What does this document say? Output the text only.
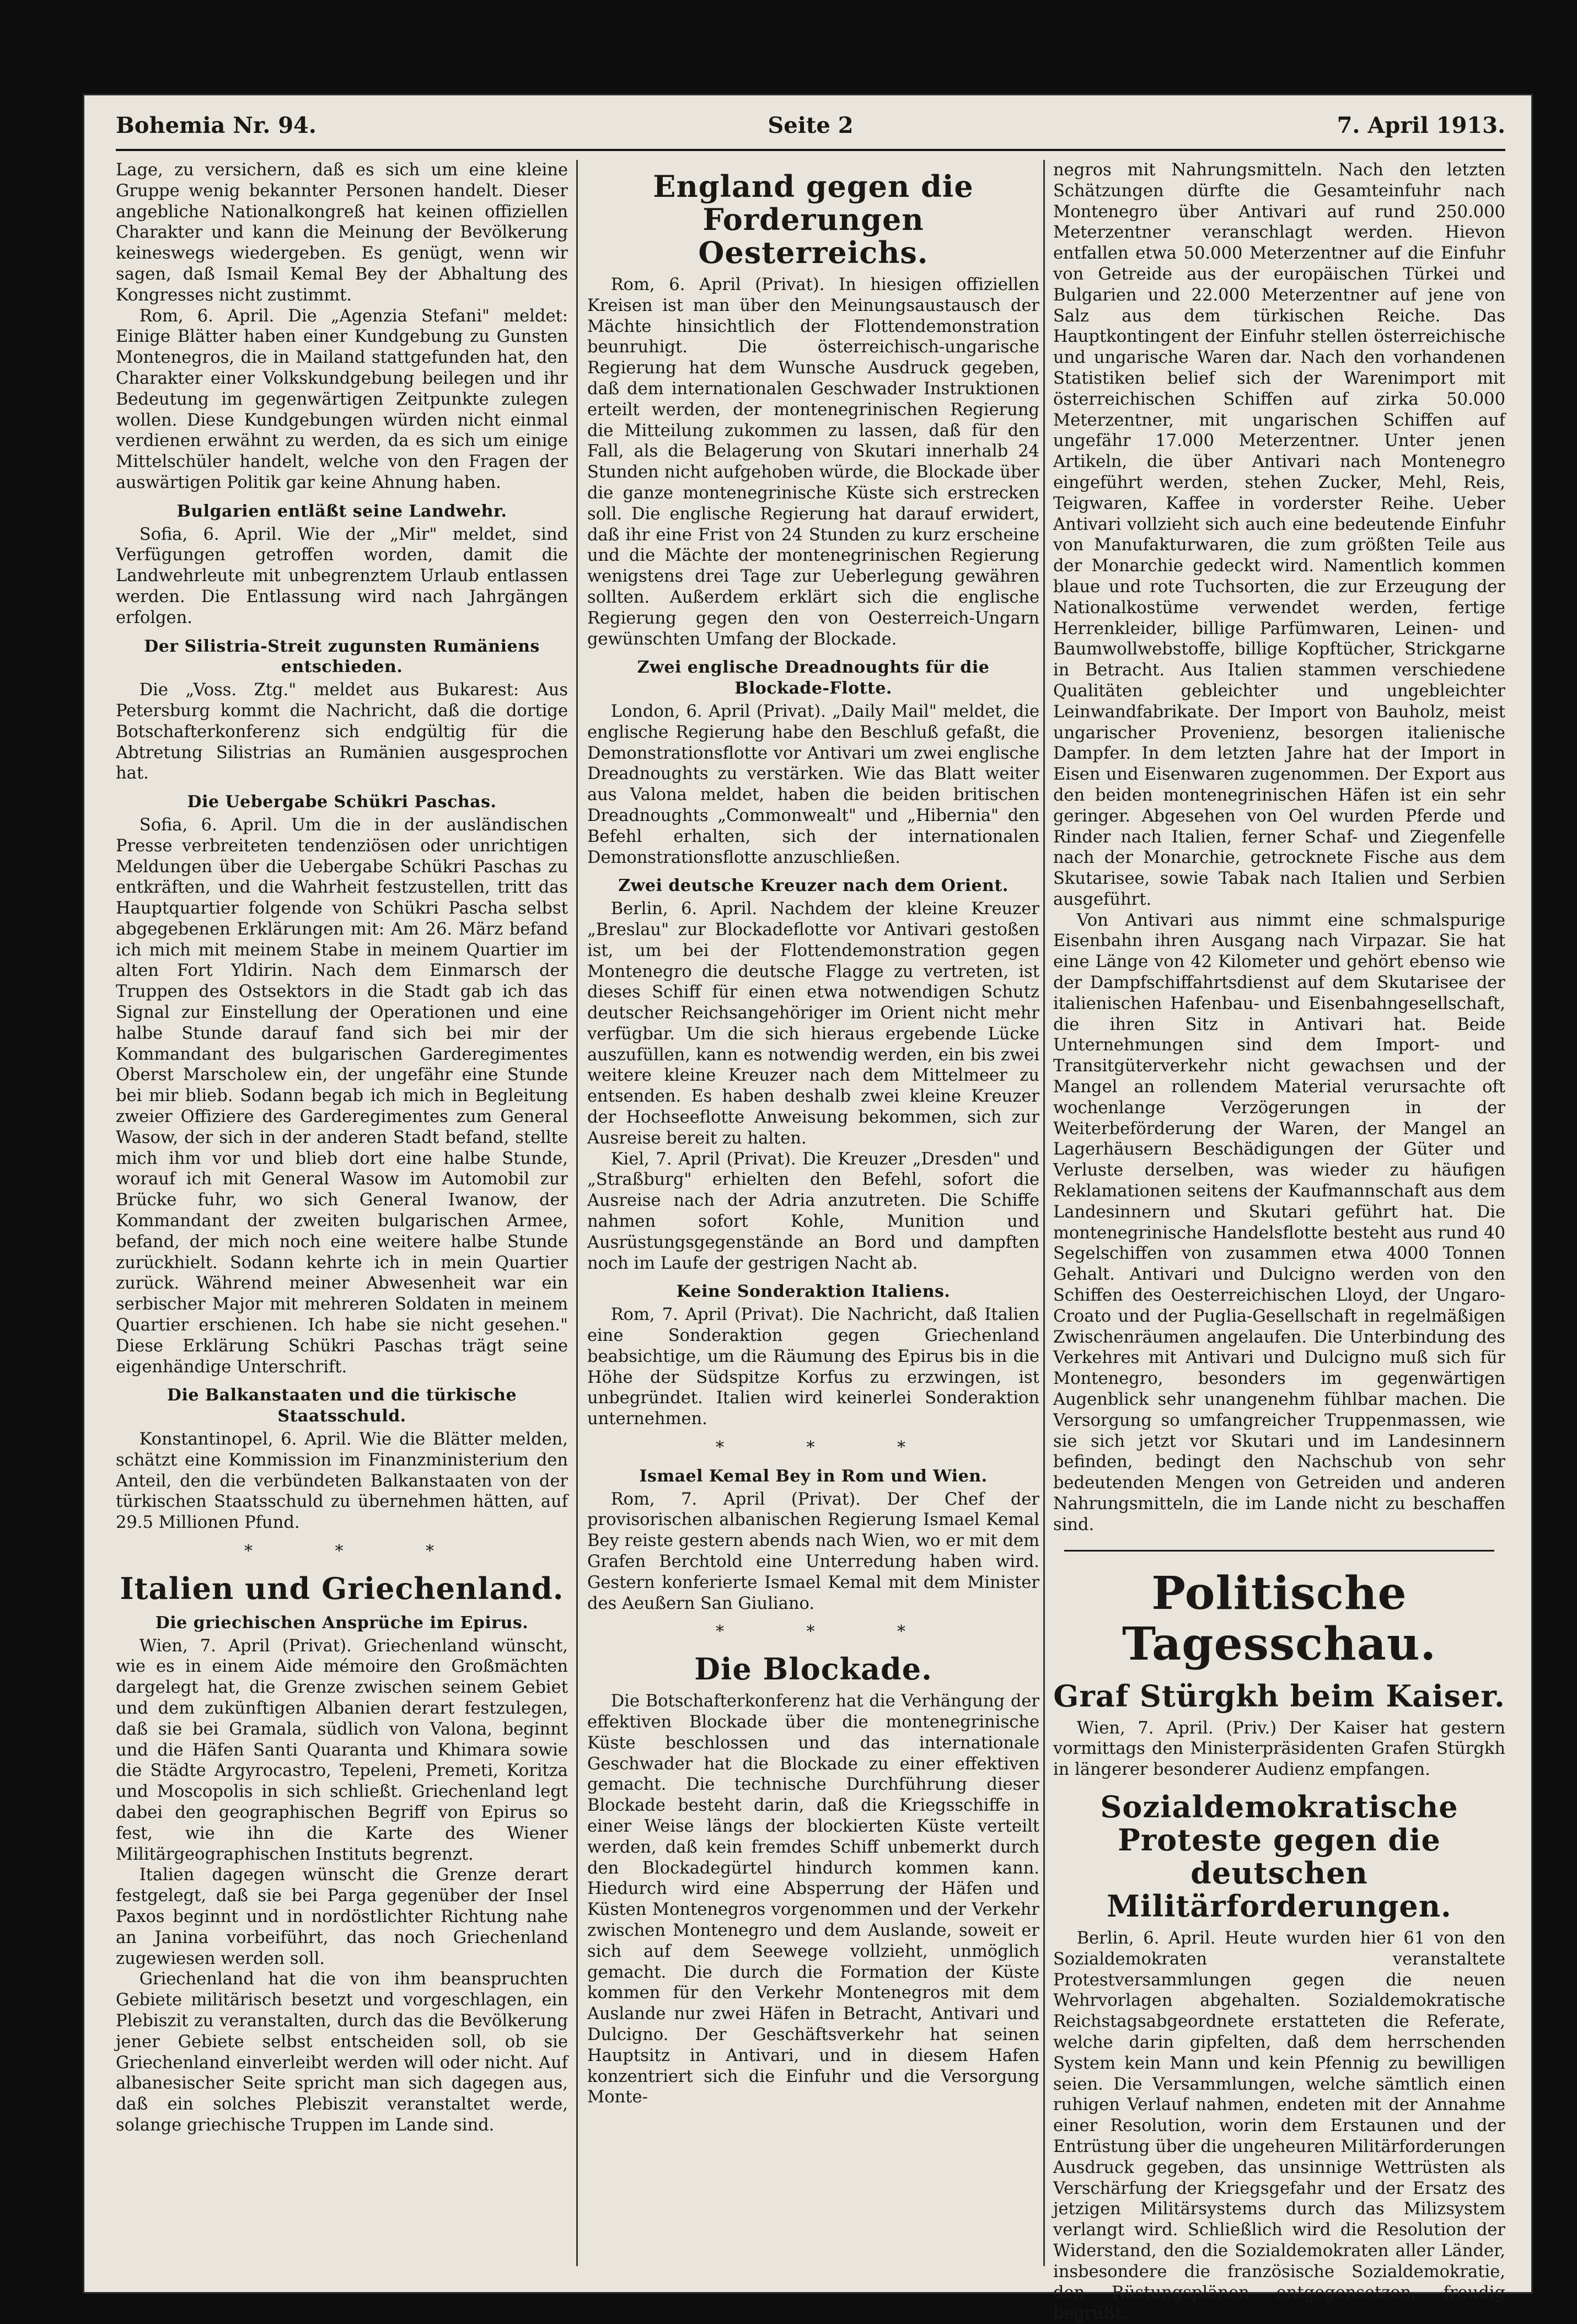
Bohemia Nr. 94.	Seite 2	7. April 1913.

Lage, zu versichern, daß es sich um eine kleine Gruppe wenig bekannter Personen handelt. Dieser angebliche Nationalkongreß hat keinen offiziellen Charakter und kann die Meinung der Bevölkerung keineswegs wiedergeben. Es genügt, wenn wir sagen, daß Ismail Kemal Bey der Abhaltung des Kongresses nicht zustimmt.

Rom, 6. April. Die „Agenzia Stefani" meldet: Einige Blätter haben einer Kundgebung zu Gunsten Montenegros, die in Mailand stattgefunden hat, den Charakter einer Volkskundgebung beilegen und ihr Bedeutung im gegenwärtigen Zeitpunkte zulegen wollen. Diese Kundgebungen würden nicht einmal verdienen erwähnt zu werden, da es sich um einige Mittelschüler handelt, welche von den Fragen der auswärtigen Politik gar keine Ahnung haben.

Bulgarien entläßt seine Landwehr.

Sofia, 6. April. Wie der „Mir" meldet, sind Verfügungen getroffen worden, damit die Landwehrleute mit unbegrenztem Urlaub entlassen werden. Die Entlassung wird nach Jahrgängen erfolgen.

Der Silistria-Streit zugunsten Rumäniens entschieden.

Die „Voss. Ztg." meldet aus Bukarest: Aus Petersburg kommt die Nachricht, daß die dortige Botschafterkonferenz sich endgültig für die Abtretung Silistrias an Rumänien ausgesprochen hat.

Die Uebergabe Schükri Paschas.

Sofia, 6. April. Um die in der ausländischen Presse verbreiteten tendenziösen oder unrichtigen Meldungen über die Uebergabe Schükri Paschas zu entkräften, und die Wahrheit festzustellen, tritt das Hauptquartier folgende von Schükri Pascha selbst abgegebenen Erklärungen mit: Am 26. März befand ich mich mit meinem Stabe in meinem Quartier im alten Fort Yldirin. Nach dem Einmarsch der Truppen des Ostsektors in die Stadt gab ich das Signal zur Einstellung der Operationen und eine halbe Stunde darauf fand sich bei mir der Kommandant des bulgarischen Garderegimentes Oberst Marscholew ein, der ungefähr eine Stunde bei mir blieb. Sodann begab ich mich in Begleitung zweier Offiziere des Garderegimentes zum General Wasow, der sich in der anderen Stadt befand, stellte mich ihm vor und blieb dort eine halbe Stunde, worauf ich mit General Wasow im Automobil zur Brücke fuhr, wo sich General Iwanow, der Kommandant der zweiten bulgarischen Armee, befand, der mich noch eine weitere halbe Stunde zurückhielt. Sodann kehrte ich in mein Quartier zurück. Während meiner Abwesenheit war ein serbischer Major mit mehreren Soldaten in meinem Quartier erschienen. Ich habe sie nicht gesehen." Diese Erklärung Schükri Paschas trägt seine eigenhändige Unterschrift.

Die Balkanstaaten und die türkische Staatsschuld.

Konstantinopel, 6. April. Wie die Blätter melden, schätzt eine Kommission im Finanzministerium den Anteil, den die verbündeten Balkanstaaten von der türkischen Staatsschuld zu übernehmen hätten, auf 29.5 Millionen Pfund.

* * *
Italien und Griechenland.
Die griechischen Ansprüche im Epirus.

Wien, 7. April (Privat). Griechenland wünscht, wie es in einem Aide mémoire den Großmächten dargelegt hat, die Grenze zwischen seinem Gebiet und dem zukünftigen Albanien derart festzulegen, daß sie bei Gramala, südlich von Valona, beginnt und die Häfen Santi Quaranta und Khimara sowie die Städte Argyrocastro, Tepeleni, Premeti, Koritza und Moscopolis in sich schließt. Griechenland legt dabei den geographischen Begriff von Epirus so fest, wie ihn die Karte des Wiener Militärgeographischen Instituts begrenzt.

Italien dagegen wünscht die Grenze derart festgelegt, daß sie bei Parga gegenüber der Insel Paxos beginnt und in nordöstlichter Richtung nahe an Janina vorbeiführt, das noch Griechenland zugewiesen werden soll.

Griechenland hat die von ihm beanspruchten Gebiete militärisch besetzt und vorgeschlagen, ein Plebiszit zu veranstalten, durch das die Bevölkerung jener Gebiete selbst entscheiden soll, ob sie Griechenland einverleibt werden will oder nicht. Auf albanesischer Seite spricht man sich dagegen aus, daß ein solches Plebiszit veranstaltet werde, solange griechische Truppen im Lande sind.

England gegen die Forderungen Oesterreichs.

Rom, 6. April (Privat). In hiesigen offiziellen Kreisen ist man über den Meinungsaustausch der Mächte hinsichtlich der Flottendemonstration beunruhigt. Die österreichisch-ungarische Regierung hat dem Wunsche Ausdruck gegeben, daß dem internationalen Geschwader Instruktionen erteilt werden, der montenegrinischen Regierung die Mitteilung zukommen zu lassen, daß für den Fall, als die Belagerung von Skutari innerhalb 24 Stunden nicht aufgehoben würde, die Blockade über die ganze montenegrinische Küste sich erstrecken soll. Die englische Regierung hat darauf erwidert, daß ihr eine Frist von 24 Stunden zu kurz erscheine und die Mächte der montenegrinischen Regierung wenigstens drei Tage zur Ueberlegung gewähren sollten. Außerdem erklärt sich die englische Regierung gegen den von Oesterreich-Ungarn gewünschten Umfang der Blockade.

Zwei englische Dreadnoughts für die Blockade-Flotte.

London, 6. April (Privat). „Daily Mail" meldet, die englische Regierung habe den Beschluß gefaßt, die Demonstrationsflotte vor Antivari um zwei englische Dreadnoughts zu verstärken. Wie das Blatt weiter aus Valona meldet, haben die beiden britischen Dreadnoughts „Commonwealt" und „Hibernia" den Befehl erhalten, sich der internationalen Demonstrationsflotte anzuschließen.

Zwei deutsche Kreuzer nach dem Orient.

Berlin, 6. April. Nachdem der kleine Kreuzer „Breslau" zur Blockadeflotte vor Antivari gestoßen ist, um bei der Flottendemonstration gegen Montenegro die deutsche Flagge zu vertreten, ist dieses Schiff für einen etwa notwendigen Schutz deutscher Reichsangehöriger im Orient nicht mehr verfügbar. Um die sich hieraus ergebende Lücke auszufüllen, kann es notwendig werden, ein bis zwei weitere kleine Kreuzer nach dem Mittelmeer zu entsenden. Es haben deshalb zwei kleine Kreuzer der Hochseeflotte Anweisung bekommen, sich zur Ausreise bereit zu halten.

Kiel, 7. April (Privat). Die Kreuzer „Dresden" und „Straßburg" erhielten den Befehl, sofort die Ausreise nach der Adria anzutreten. Die Schiffe nahmen sofort Kohle, Munition und Ausrüstungsgegenstände an Bord und dampften noch im Laufe der gestrigen Nacht ab.

Keine Sonderaktion Italiens.

Rom, 7. April (Privat). Die Nachricht, daß Italien eine Sonderaktion gegen Griechenland beabsichtige, um die Räumung des Epirus bis in die Höhe der Südspitze Korfus zu erzwingen, ist unbegründet. Italien wird keinerlei Sonderaktion unternehmen.

* * *
Ismael Kemal Bey in Rom und Wien.

Rom, 7. April (Privat). Der Chef der provisorischen albanischen Regierung Ismael Kemal Bey reiste gestern abends nach Wien, wo er mit dem Grafen Berchtold eine Unterredung haben wird. Gestern konferierte Ismael Kemal mit dem Minister des Aeußern San Giuliano.

* * *
Die Blockade.

Die Botschafterkonferenz hat die Verhängung der effektiven Blockade über die montenegrinische Küste beschlossen und das internationale Geschwader hat die Blockade zu einer effektiven gemacht. Die technische Durchführung dieser Blockade besteht darin, daß die Kriegsschiffe in einer Weise längs der blockierten Küste verteilt werden, daß kein fremdes Schiff unbemerkt durch den Blockadegürtel hindurch kommen kann. Hiedurch wird eine Absperrung der Häfen und Küsten Montenegros vorgenommen und der Verkehr zwischen Montenegro und dem Auslande, soweit er sich auf dem Seewege vollzieht, unmöglich gemacht. Die durch die Formation der Küste kommen für den Verkehr Montenegros mit dem Auslande nur zwei Häfen in Betracht, Antivari und Dulcigno. Der Geschäftsverkehr hat seinen Hauptsitz in Antivari, und in diesem Hafen konzentriert sich die Einfuhr und die Versorgung Monte-

negros mit Nahrungsmitteln. Nach den letzten Schätzungen dürfte die Gesamteinfuhr nach Montenegro über Antivari auf rund 250.000 Meterzentner veranschlagt werden. Hievon entfallen etwa 50.000 Meterzentner auf die Einfuhr von Getreide aus der europäischen Türkei und Bulgarien und 22.000 Meterzentner auf jene von Salz aus dem türkischen Reiche. Das Hauptkontingent der Einfuhr stellen österreichische und ungarische Waren dar. Nach den vorhandenen Statistiken belief sich der Warenimport mit österreichischen Schiffen auf zirka 50.000 Meterzentner, mit ungarischen Schiffen auf ungefähr 17.000 Meterzentner. Unter jenen Artikeln, die über Antivari nach Montenegro eingeführt werden, stehen Zucker, Mehl, Reis, Teigwaren, Kaffee in vorderster Reihe. Ueber Antivari vollzieht sich auch eine bedeutende Einfuhr von Manufakturwaren, die zum größten Teile aus der Monarchie gedeckt wird. Namentlich kommen blaue und rote Tuchsorten, die zur Erzeugung der Nationalkostüme verwendet werden, fertige Herrenkleider, billige Parfümwaren, Leinen- und Baumwollwebstoffe, billige Kopftücher, Strickgarne in Betracht. Aus Italien stammen verschiedene Qualitäten gebleichter und ungebleichter Leinwandfabrikate. Der Import von Bauholz, meist ungarischer Provenienz, besorgen italienische Dampfer. In dem letzten Jahre hat der Import in Eisen und Eisenwaren zugenommen. Der Export aus den beiden montenegrinischen Häfen ist ein sehr geringer. Abgesehen von Oel wurden Pferde und Rinder nach Italien, ferner Schaf- und Ziegenfelle nach der Monarchie, getrocknete Fische aus dem Skutarisee, sowie Tabak nach Italien und Serbien ausgeführt.

Von Antivari aus nimmt eine schmalspurige Eisenbahn ihren Ausgang nach Virpazar. Sie hat eine Länge von 42 Kilometer und gehört ebenso wie der Dampfschiffahrtsdienst auf dem Skutarisee der italienischen Hafenbau- und Eisenbahngesellschaft, die ihren Sitz in Antivari hat. Beide Unternehmungen sind dem Import- und Transitgüterverkehr nicht gewachsen und der Mangel an rollendem Material verursachte oft wochenlange Verzögerungen in der Weiterbeförderung der Waren, der Mangel an Lagerhäusern Beschädigungen der Güter und Verluste derselben, was wieder zu häufigen Reklamationen seitens der Kaufmannschaft aus dem Landesinnern und Skutari geführt hat. Die montenegrinische Handelsflotte besteht aus rund 40 Segelschiffen von zusammen etwa 4000 Tonnen Gehalt. Antivari und Dulcigno werden von den Schiffen des Oesterreichischen Lloyd, der Ungaro-Croato und der Puglia-Gesellschaft in regelmäßigen Zwischenräumen angelaufen. Die Unterbindung des Verkehres mit Antivari und Dulcigno muß sich für Montenegro, besonders im gegenwärtigen Augenblick sehr unangenehm fühlbar machen. Die Versorgung so umfangreicher Truppenmassen, wie sie sich jetzt vor Skutari und im Landesinnern befinden, bedingt den Nachschub von sehr bedeutenden Mengen von Getreiden und anderen Nahrungsmitteln, die im Lande nicht zu beschaffen sind.

Politische Tagesschau.
Graf Stürgkh beim Kaiser.

Wien, 7. April. (Priv.) Der Kaiser hat gestern vormittags den Ministerpräsidenten Grafen Stürgkh in längerer besonderer Audienz empfangen.

Sozialdemokratische Proteste gegen die deutschen Militärforderungen.

Berlin, 6. April. Heute wurden hier 61 von den Sozialdemokraten veranstaltete Protestversammlungen gegen die neuen Wehrvorlagen abgehalten. Sozialdemokratische Reichstagsabgeordnete erstatteten die Referate, welche darin gipfelten, daß dem herrschenden System kein Mann und kein Pfennig zu bewilligen seien. Die Versammlungen, welche sämtlich einen ruhigen Verlauf nahmen, endeten mit der Annahme einer Resolution, worin dem Erstaunen und der Entrüstung über die ungeheuren Militärforderungen Ausdruck gegeben, das unsinnige Wettrüsten als Verschärfung der Kriegsgefahr und der Ersatz des jetzigen Militärsystems durch das Milizsystem verlangt wird. Schließlich wird die Resolution der Widerstand, den die Sozialdemokraten aller Länder, insbesondere die französische Sozialdemokratie, den Rüstungsplänen entgegensetzen, freudig begrüßt.
